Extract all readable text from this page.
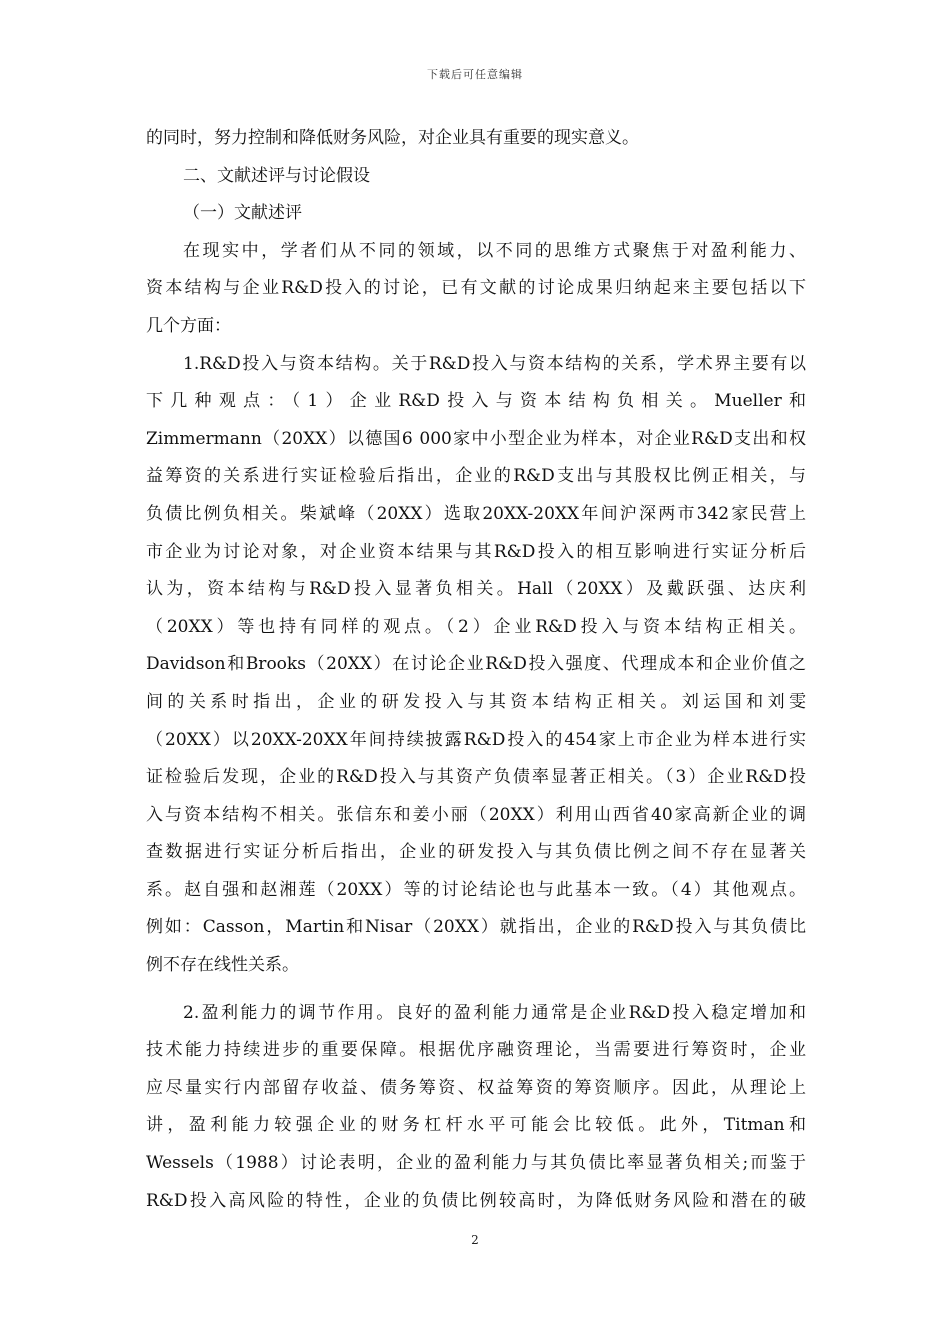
下载后可任意编辑
的同时，努力控制和降低财务风险，对企业具有重要的现实意义。
二、文献述评与讨论假设
（一）文献述评
在现实中，学者们从不同的领域，以不同的思维方式聚焦于对盈利能力、
资本结构与企业R&D投入的讨论，已有文献的讨论成果归纳起来主要包括以下
几个方面：
1.R&D投入与资本结构。关于R&D投入与资本结构的关系，学术界主要有以
下几种观点：（1）企业R&D投入与资本结构负相关。Mueller和
Zimmermann（20XX）以德国6 000家中小型企业为样本，对企业R&D支出和权
益筹资的关系进行实证检验后指出，企业的R&D支出与其股权比例正相关，与
负债比例负相关。柴斌峰（20XX）选取20XX-20XX年间沪深两市342家民营上
市企业为讨论对象，对企业资本结果与其R&D投入的相互影响进行实证分析后
认为，资本结构与R&D投入显著负相关。Hall（20XX）及戴跃强、达庆利
（20XX）等也持有同样的观点。（2）企业R&D投入与资本结构正相关。
Davidson和Brooks（20XX）在讨论企业R&D投入强度、代理成本和企业价值之
间的关系时指出，企业的研发投入与其资本结构正相关。刘运国和刘雯
（20XX）以20XX-20XX年间持续披露R&D投入的454家上市企业为样本进行实
证检验后发现，企业的R&D投入与其资产负债率显著正相关。（3）企业R&D投
入与资本结构不相关。张信东和姜小丽（20XX）利用山西省40家高新企业的调
查数据进行实证分析后指出，企业的研发投入与其负债比例之间不存在显著关
系。赵自强和赵湘莲（20XX）等的讨论结论也与此基本一致。（4）其他观点。
例如：Casson，Martin和Nisar（20XX）就指出，企业的R&D投入与其负债比
例不存在线性关系。
2.盈利能力的调节作用。良好的盈利能力通常是企业R&D投入稳定增加和
技术能力持续进步的重要保障。根据优序融资理论，当需要进行筹资时，企业
应尽量实行内部留存收益、债务筹资、权益筹资的筹资顺序。因此，从理论上
讲，盈利能力较强企业的财务杠杆水平可能会比较低。此外，Titman和
Wessels（1988）讨论表明，企业的盈利能力与其负债比率显著负相关;而鉴于
R&D投入高风险的特性，企业的负债比例较高时，为降低财务风险和潜在的破
2
